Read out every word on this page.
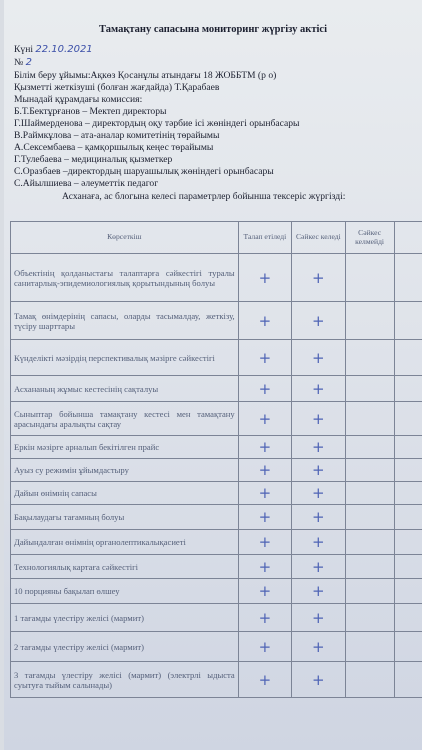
Тамақтану сапасына мониторинг жүргізу актісі
Күні 22.10.2021
№ 2
Білім беру ұйымы:Ақкөз Қосанұлы атындағы 18 ЖОББТМ (р о)
Қызметті жеткізуші (болған жағдайда) Т.Қарабаев
Мынадай құрамдағы комиссия:
Б.Т.Бектұрғанов – Мектеп директоры
Г.Шаймерденова – директордың оқу тәрбие ісі жөніндегі орынбасары
В.Раймкұлова – ата-аналар комитетінің төрайымы
А.Сексембаева – қамқоршылық кеңес төрайымы
Г.Тулебаева – медициналық қызметкер
С.Оразбаев –директордың шаруашылық жөніндегі орынбасары
С.Айылшиева – әлеуметтік педагог
Асханаға, ас блогына келесі параметрлер бойынша тексеріс жүргізді:
Көрсеткіш	Талап етіледі	Сәйкес келеді	Сәйкес келмейді	
Объектінің қолданыстағы талаптарға сәйкестігі туралы санитарлық-эпидемиологиялық қорытындының болуы	+	+		
Тамақ өнімдерінің сапасы, оларды тасымалдау, жеткізу, түсіру шарттары	+	+		
Күнделікті мәзірдің перспективалық мәзірге сәйкестігі	+	+		
Асхананың жұмыс кестесінің сақталуы	+	+		
Сыныптар бойынша тамақтану кестесі мен тамақтану арасындағы аралықты сақтау	+	+		
Еркін мәзірге арналып бекітілген прайс	+	+		
Ауыз су режимін ұйымдастыру	+	+		
Дайын өнімнің сапасы	+	+		
Бақылаудағы тағамның болуы	+	+		
Дайындалған өнімнің органолептикалықасиеті	+	+		
Технологиялық картаға сәйкестігі	+	+		
10 порцияны бақылап өлшеу	+	+		
1 тағамды үлестіру желісі (мармит)	+	+		
2 тағамды үлестіру желісі (мармит)	+	+		
3 тағамды үлестіру желісі (мармит) (электрлі ыдыста суытуға тыйым салынады)	+	+		
